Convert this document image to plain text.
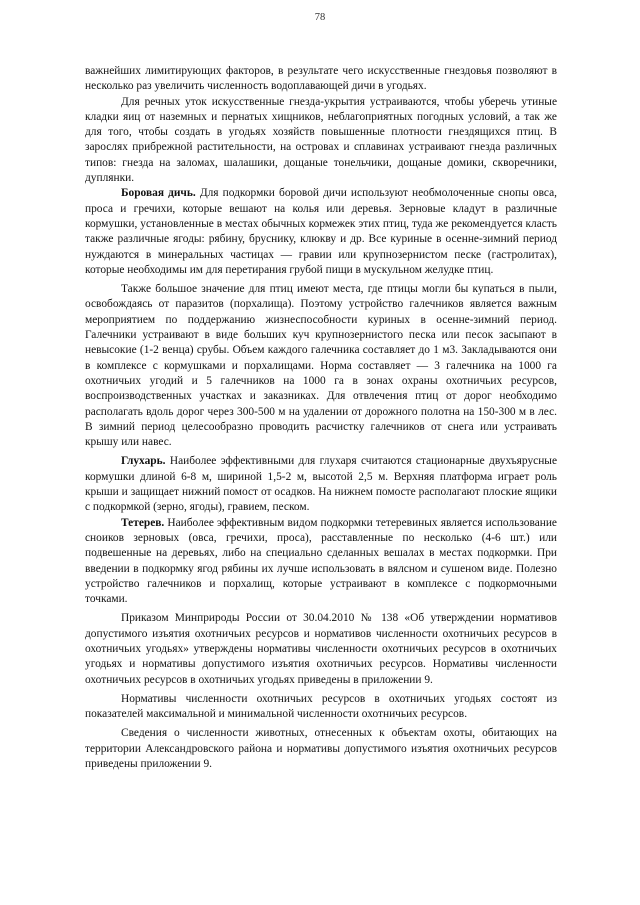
78

важнейших лимитирующих факторов, в результате чего искусственные гнездовья позволяют в несколько раз увеличить численность водоплавающей дичи в угодьях.

Для речных уток искусственные гнезда-укрытия устраиваются, чтобы уберечь утиные кладки яиц от наземных и пернатых хищников, неблагоприятных погодных условий, а так же для того, чтобы создать в угодьях хозяйств повышенные плотности гнездящихся птиц. В зарослях прибрежной растительности, на островах и сплавинах устраивают гнезда различных типов: гнезда на заломах, шалашики, дощаные тонельчики, дощаные домики, скворечники, дуплянки.

Боровая дичь. Для подкормки боровой дичи используют необмолоченные снопы овса, проса и гречихи, которые вешают на колья или деревья. Зерновые кладут в различные кормушки, установленные в местах обычных кормежек этих птиц, туда же рекомендуется класть также различные ягоды: рябину, бруснику, клюкву и др. Все куриные в осенне-зимний период нуждаются в минеральных частицах — гравии или крупнозернистом песке (гастролитах), которые необходимы им для перетирания грубой пищи в мускульном желудке птиц.

Также большое значение для птиц имеют места, где птицы могли бы купаться в пыли, освобождаясь от паразитов (порхалища). Поэтому устройство галечников является важным мероприятием по поддержанию жизнеспособности куриных в осенне-зимний период. Галечники устраивают в виде больших куч крупнозернистого песка или песок засыпают в невысокие (1-2 венца) срубы. Объем каждого галечника составляет до 1 м3. Закладываются они в комплексе с кормушками и порхалищами. Норма составляет — 3 галечника на 1000 га охотничьих угодий и 5 галечников на 1000 га в зонах охраны охотничьих ресурсов, воспроизводственных участках и заказниках. Для отвлечения птиц от дорог необходимо располагать вдоль дорог через 300-500 м на удалении от дорожного полотна на 150-300 м в лес. В зимний период целесообразно проводить расчистку галечников от снега или устраивать крышу или навес.

Глухарь. Наиболее эффективными для глухаря считаются стационарные двухъярусные кормушки длиной 6-8 м, шириной 1,5-2 м, высотой 2,5 м. Верхняя платформа играет роль крыши и защищает нижний помост от осадков. На нижнем помосте располагают плоские ящики с подкормкой (зерно, ягоды), гравием, песком.

Тетерев. Наиболее эффективным видом подкормки тетеревиных является использование сноиков зерновых (овса, гречихи, проса), расставленные по несколько (4-6 шт.) или подвешенные на деревьях, либо на специально сделанных вешалах в местах подкормки. При введении в подкормку ягод рябины их лучше использовать в вялсном и сушеном виде. Полезно устройство галечников и порхалищ, которые устраивают в комплексе с подкормочными точками.

Приказом Минприроды России от 30.04.2010 № 138 «Об утверждении нормативов допустимого изъятия охотничьих ресурсов и нормативов численности охотничьих ресурсов в охотничьих угодьях» утверждены нормативы численности охотничьих ресурсов в охотничьих угодьях и нормативы допустимого изъятия охотничьих ресурсов. Нормативы численности охотничьих ресурсов в охотничьих угодьях приведены в приложении 9.

Нормативы численности охотничьих ресурсов в охотничьих угодьях состоят из показателей максимальной и минимальной численности охотничьих ресурсов.

Сведения о численности животных, отнесенных к объектам охоты, обитающих на территории Александровского района и нормативы допустимого изъятия охотничьих ресурсов приведены приложении 9.
